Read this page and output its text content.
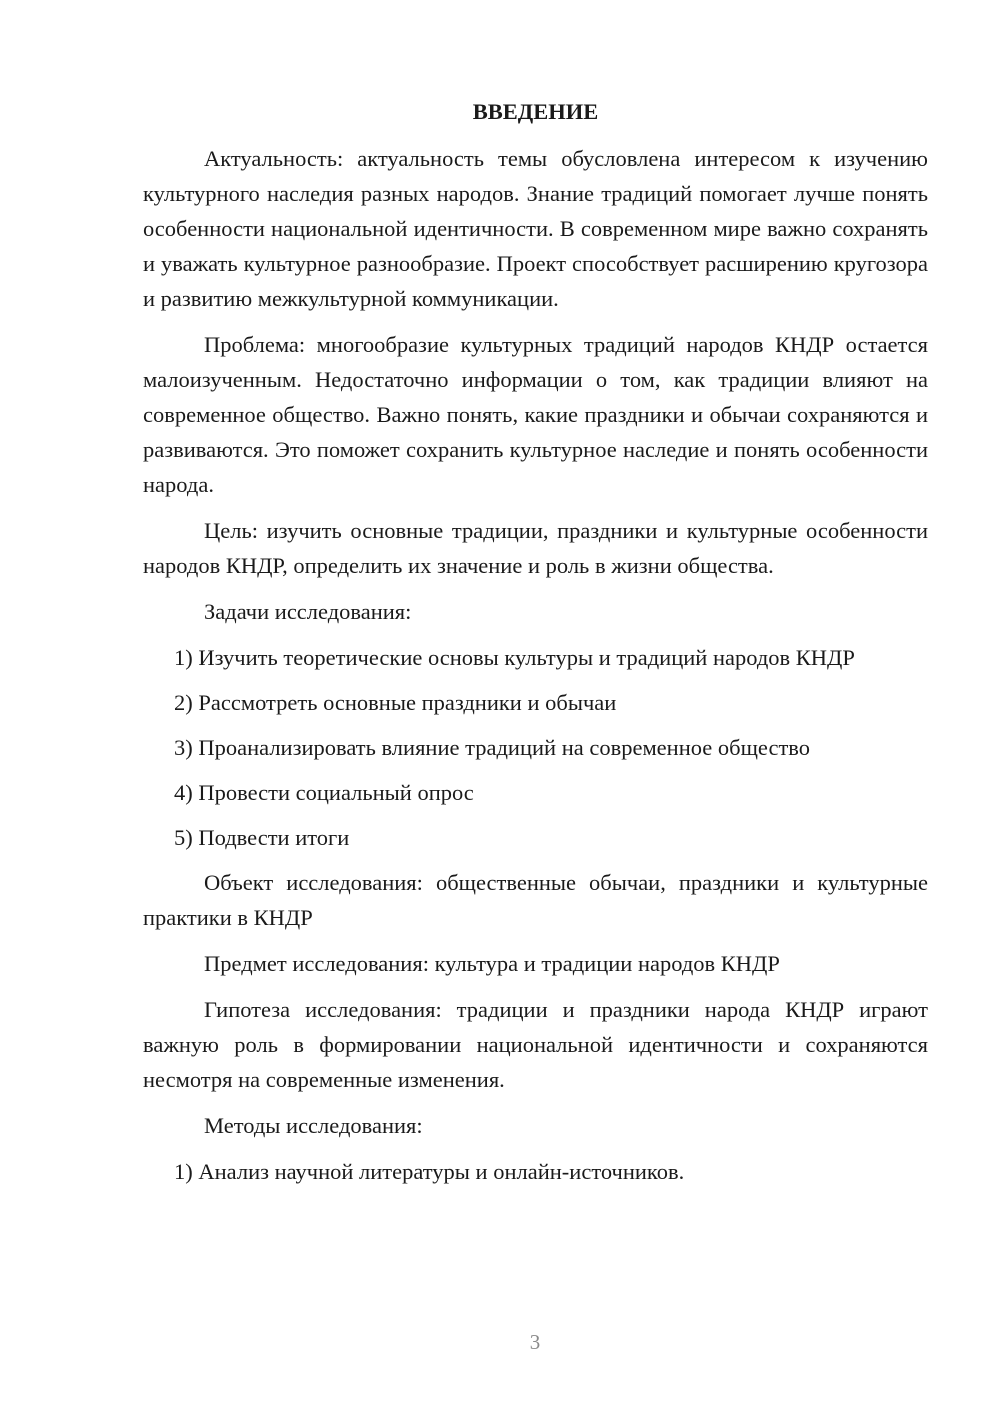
ВВЕДЕНИЕ

Актуальность: актуальность темы обусловлена интересом к изучению культурного наследия разных народов. Знание традиций помогает лучше понять особенности национальной идентичности. В современном мире важно сохранять и уважать культурное разнообразие. Проект способствует расширению кругозора и развитию межкультурной коммуникации.

Проблема: многообразие культурных традиций народов КНДР остается малоизученным. Недостаточно информации о том, как традиции влияют на современное общество. Важно понять, какие праздники и обычаи сохраняются и развиваются. Это поможет сохранить культурное наследие и понять особенности народа.

Цель: изучить основные традиции, праздники и культурные особенности народов КНДР, определить их значение и роль в жизни общества.

Задачи исследования:

1) Изучить теоретические основы культуры и традиций народов КНДР

2) Рассмотреть основные праздники и обычаи

3) Проанализировать влияние традиций на современное общество

4) Провести социальный опрос

5) Подвести итоги

Объект исследования: общественные обычаи, праздники и культурные практики в КНДР

Предмет исследования: культура и традиции народов КНДР

Гипотеза исследования: традиции и праздники народа КНДР играют важную роль в формировании национальной идентичности и сохраняются несмотря на современные изменения.

Методы исследования:

1) Анализ научной литературы и онлайн-источников.

3
